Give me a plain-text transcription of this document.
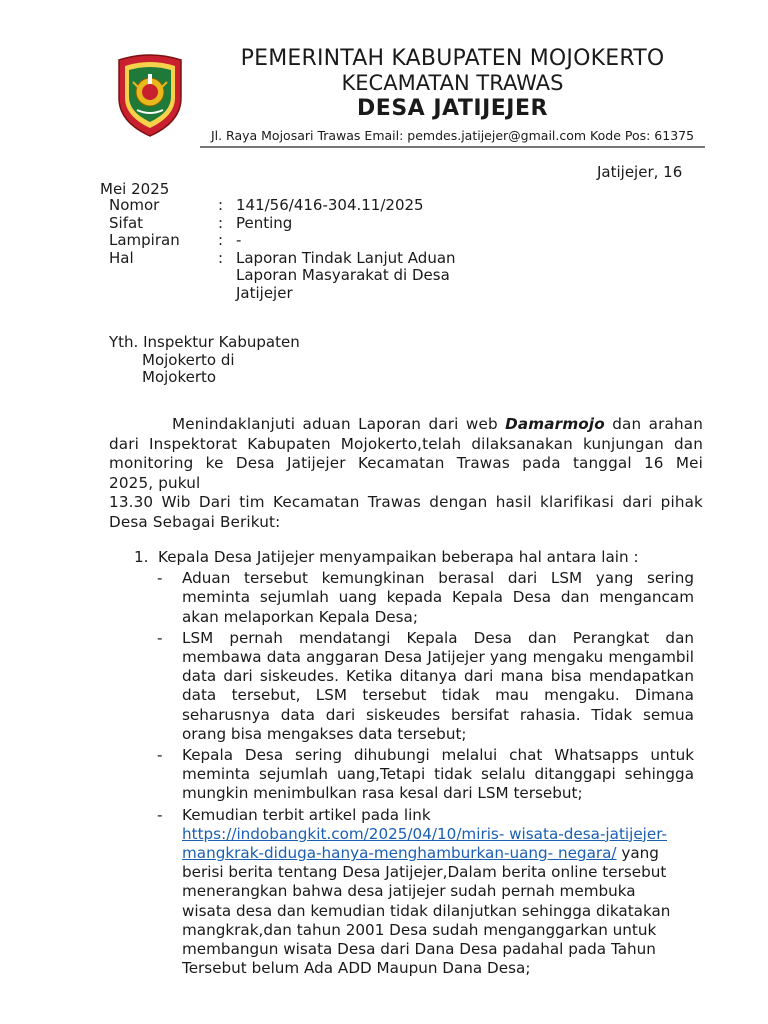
PEMERINTAH KABUPATEN MOJOKERTO
KECAMATAN TRAWAS
DESA JATIJEJER
Jl. Raya Mojosari Trawas Email: pemdes.jatijejer@gmail.com Kode Pos: 61375
Jatijejer, 16
Mei 2025
Nomor	: 141/56/416-304.11/2025
Sifat	: Penting
Lampiran	: -
Hal	: Laporan Tindak Lanjut Aduan Laporan Masyarakat di Desa Jatijejer
Yth. Inspektur Kabupaten
Mojokerto di
Mojokerto
Menindaklanjuti aduan Laporan dari web Damarmojo dan arahan
dari Inspektorat Kabupaten Mojokerto,telah dilaksanakan kunjungan dan
monitoring ke Desa Jatijejer Kecamatan Trawas pada tanggal 16 Mei
2025, pukul
13.30 Wib Dari tim Kecamatan Trawas dengan hasil klarifikasi dari pihak
Desa Sebagai Berikut:
1. Kepala Desa Jatijejer menyampaikan beberapa hal antara lain :
-	Aduan tersebut kemungkinan berasal dari LSM yang sering meminta sejumlah uang kepada Kepala Desa dan mengancam akan melaporkan Kepala Desa;
-	LSM pernah mendatangi Kepala Desa dan Perangkat dan membawa data anggaran Desa Jatijejer yang mengaku mengambil data dari siskeudes. Ketika ditanya dari mana bisa mendapatkan data tersebut, LSM tersebut tidak mau mengaku. Dimana seharusnya data dari siskeudes bersifat rahasia. Tidak semua orang bisa mengakses data tersebut;
-	Kepala Desa sering dihubungi melalui chat Whatsapps untuk meminta sejumlah uang,Tetapi tidak selalu ditanggapi sehingga mungkin menimbulkan rasa kesal dari LSM tersebut;
-	Kemudian terbit artikel pada link
https://indobangkit.com/2025/04/10/miris- wisata-desa-jatijejer-
mangkrak-diduga-hanya-menghamburkan-uang- negara/ yang
berisi berita tentang Desa Jatijejer,Dalam berita online tersebut
menerangkan bahwa desa jatijejer sudah pernah membuka
wisata desa dan kemudian tidak dilanjutkan sehingga dikatakan
mangkrak,dan tahun 2001 Desa sudah menganggarkan untuk
membangun wisata Desa dari Dana Desa padahal pada Tahun
Tersebut belum Ada ADD Maupun Dana Desa;
